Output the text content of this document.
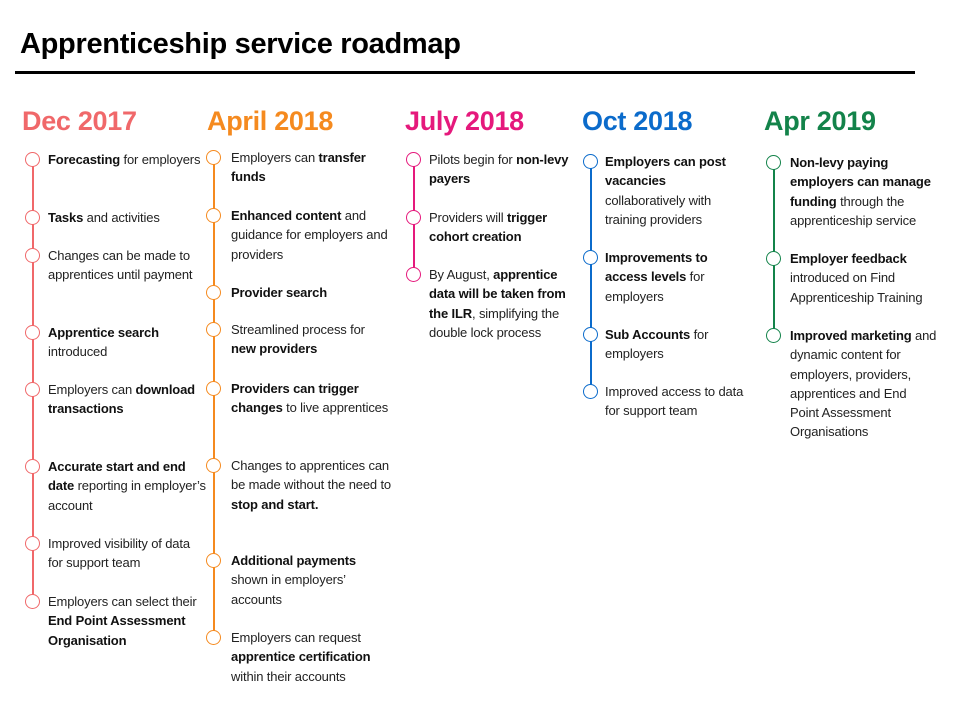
Apprenticeship service roadmap
Dec 2017
Forecasting for employers
Tasks and activities
Changes can be made to apprentices until payment
Apprentice search introduced
Employers can download transactions
Accurate start and end date reporting in employer’s account
Improved visibility of data for support team
Employers can select their End Point Assessment Organisation
April 2018
Employers can transfer funds
Enhanced content and guidance for employers and providers
Provider search
Streamlined process for new providers
Providers can trigger changes to live apprentices
Changes to apprentices can be made without the need to stop and start.
Additional payments shown in employers’ accounts
Employers can request apprentice certification within their accounts
July 2018
Pilots begin for non-levy payers
Providers will trigger cohort creation
By August, apprentice data will be taken from the ILR, simplifying the double lock process
Oct 2018
Employers can post vacancies collaboratively with training providers
Improvements to access levels for employers
Sub Accounts for employers
Improved access to data for support team
Apr 2019
Non-levy paying employers can manage funding through the apprenticeship service
Employer feedback introduced on Find Apprenticeship Training
Improved marketing and dynamic content for employers, providers, apprentices and End Point Assessment Organisations
